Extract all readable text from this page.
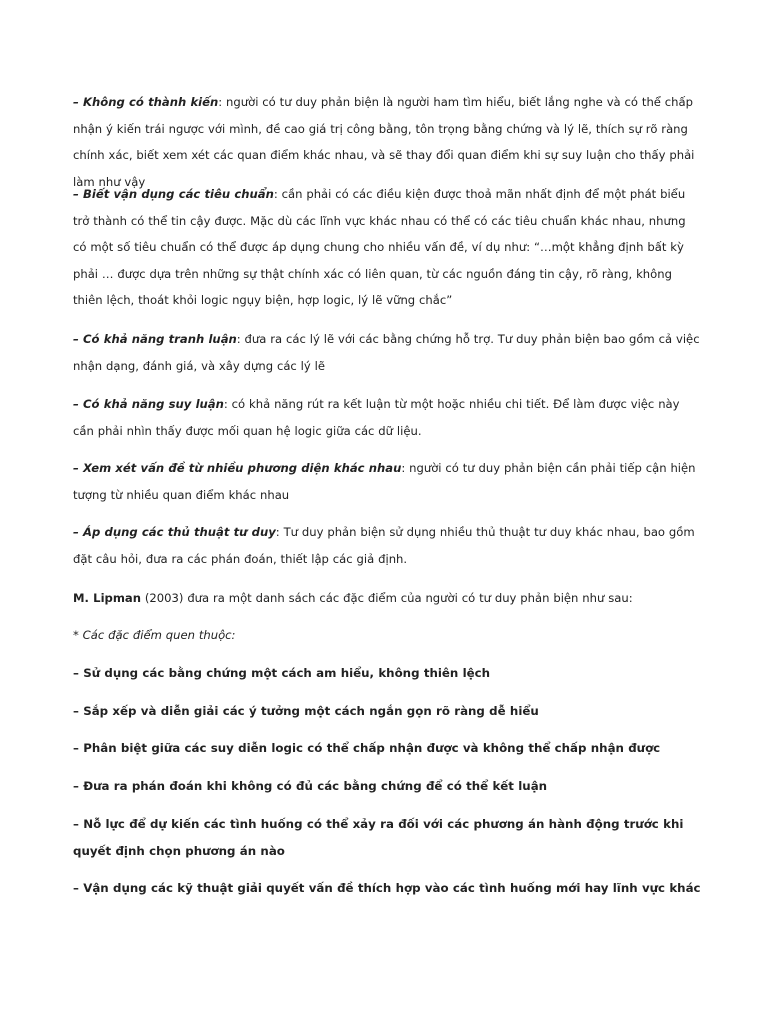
– Không có thành kiến: người có tư duy phản biện là người ham tìm hiểu, biết lắng nghe và có thể chấp nhận ý kiến trái ngược với mình, đề cao giá trị công bằng, tôn trọng bằng chứng và lý lẽ, thích sự rõ ràng chính xác, biết xem xét các quan điểm khác nhau, và sẽ thay đổi quan điểm khi sự suy luận cho thấy phải làm như vậy

– Biết vận dụng các tiêu chuẩn: cần phải có các điều kiện được thoả mãn nhất định để một phát biểu trở thành có thể tin cậy được. Mặc dù các lĩnh vực khác nhau có thể có các tiêu chuẩn khác nhau, nhưng có một số tiêu chuẩn có thể được áp dụng chung cho nhiều vấn đề, ví dụ như: “…một khẳng định bất kỳ phải … được dựa trên những sự thật chính xác có liên quan, từ các nguồn đáng tin cậy, rõ ràng, không thiên lệch, thoát khỏi logic ngụy biện, hợp logic, lý lẽ vững chắc”

– Có khả năng tranh luận: đưa ra các lý lẽ với các bằng chứng hỗ trợ. Tư duy phản biện bao gồm cả việc nhận dạng, đánh giá, và xây dựng các lý lẽ

– Có khả năng suy luận: có khả năng rút ra kết luận từ một hoặc nhiều chi tiết. Để làm được việc này cần phải nhìn thấy được mối quan hệ logic giữa các dữ liệu.

– Xem xét vấn đề từ nhiều phương diện khác nhau: người có tư duy phản biện cần phải tiếp cận hiện tượng từ nhiều quan điểm khác nhau

– Áp dụng các thủ thuật tư duy: Tư duy phản biện sử dụng nhiều thủ thuật tư duy khác nhau, bao gồm đặt câu hỏi, đưa ra các phán đoán, thiết lập các giả định.

M. Lipman (2003) đưa ra một danh sách các đặc điểm của người có tư duy phản biện như sau:

* Các đặc điểm quen thuộc:

– Sử dụng các bằng chứng một cách am hiểu, không thiên lệch

– Sắp xếp và diễn giải các ý tưởng một cách ngắn gọn rõ ràng dễ hiểu

– Phân biệt giữa các suy diễn logic có thể chấp nhận được và không thể chấp nhận được

– Đưa ra phán đoán khi không có đủ các bằng chứng để có thể kết luận

– Nỗ lực để dự kiến các tình huống có thể xảy ra đối với các phương án hành động trước khi quyết định chọn phương án nào

– Vận dụng các kỹ thuật giải quyết vấn đề thích hợp vào các tình huống mới hay lĩnh vực khác
